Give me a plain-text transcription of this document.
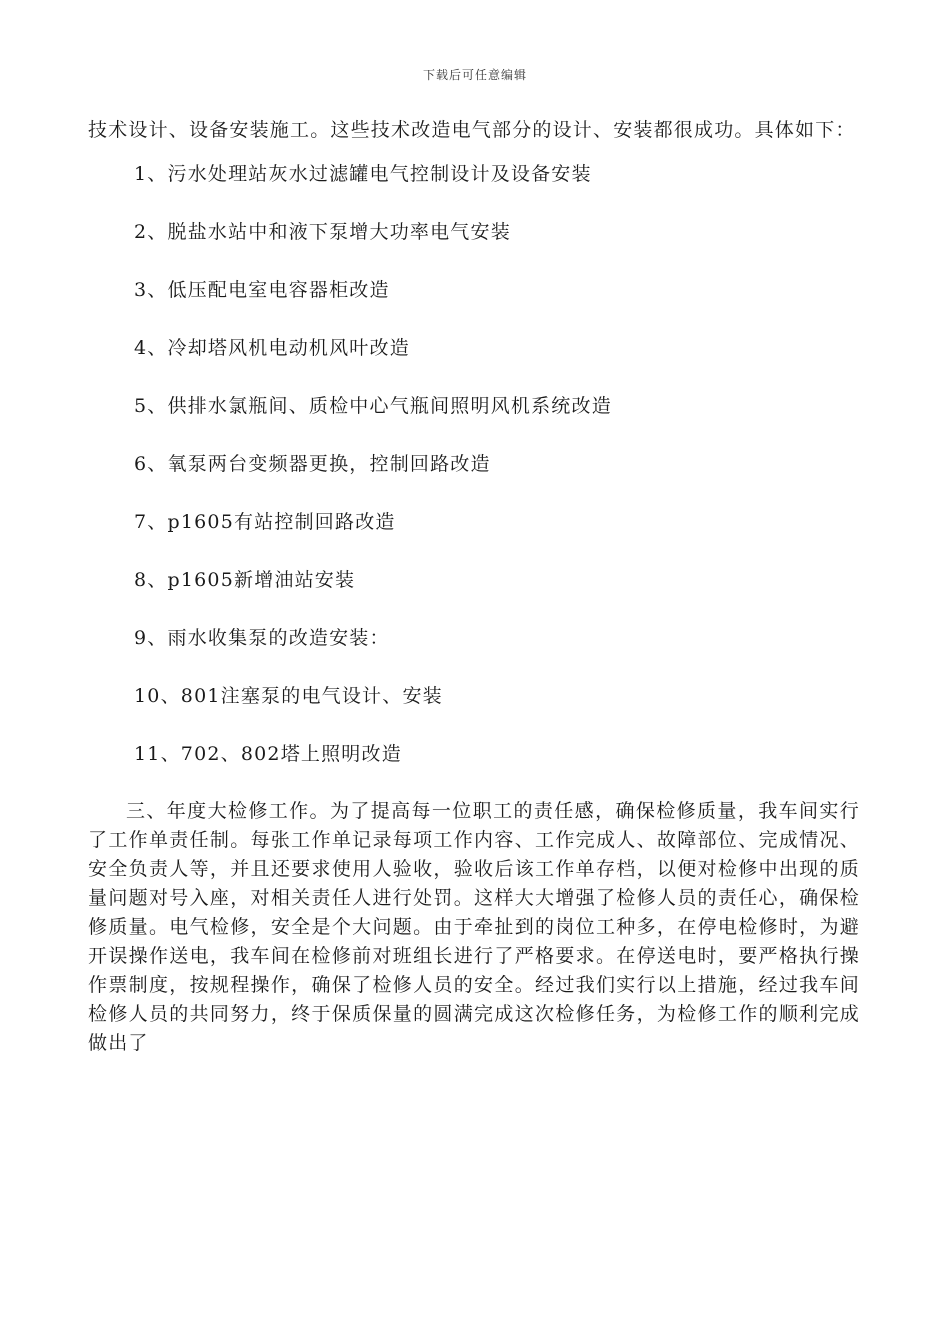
下载后可任意编辑

技术设计、设备安装施工。这些技术改造电气部分的设计、安装都很成功。具体如下：

1、污水处理站灰水过滤罐电气控制设计及设备安装
2、脱盐水站中和液下泵增大功率电气安装
3、低压配电室电容器柜改造
4、冷却塔风机电动机风叶改造
5、供排水氯瓶间、质检中心气瓶间照明风机系统改造
6、氧泵两台变频器更换，控制回路改造
7、p1605有站控制回路改造
8、p1605新增油站安装
9、雨水收集泵的改造安装：
10、801注塞泵的电气设计、安装
11、702、802塔上照明改造

三、年度大检修工作。为了提高每一位职工的责任感，确保检修质量，我车间实行了工作单责任制。每张工作单记录每项工作内容、工作完成人、故障部位、完成情况、安全负责人等，并且还要求使用人验收，验收后该工作单存档，以便对检修中出现的质量问题对号入座，对相关责任人进行处罚。这样大大增强了检修人员的责任心，确保检修质量。电气检修，安全是个大问题。由于牵扯到的岗位工种多，在停电检修时，为避开误操作送电，我车间在检修前对班组长进行了严格要求。在停送电时，要严格执行操作票制度，按规程操作，确保了检修人员的安全。经过我们实行以上措施，经过我车间检修人员的共同努力，终于保质保量的圆满完成这次检修任务，为检修工作的顺利完成做出了
